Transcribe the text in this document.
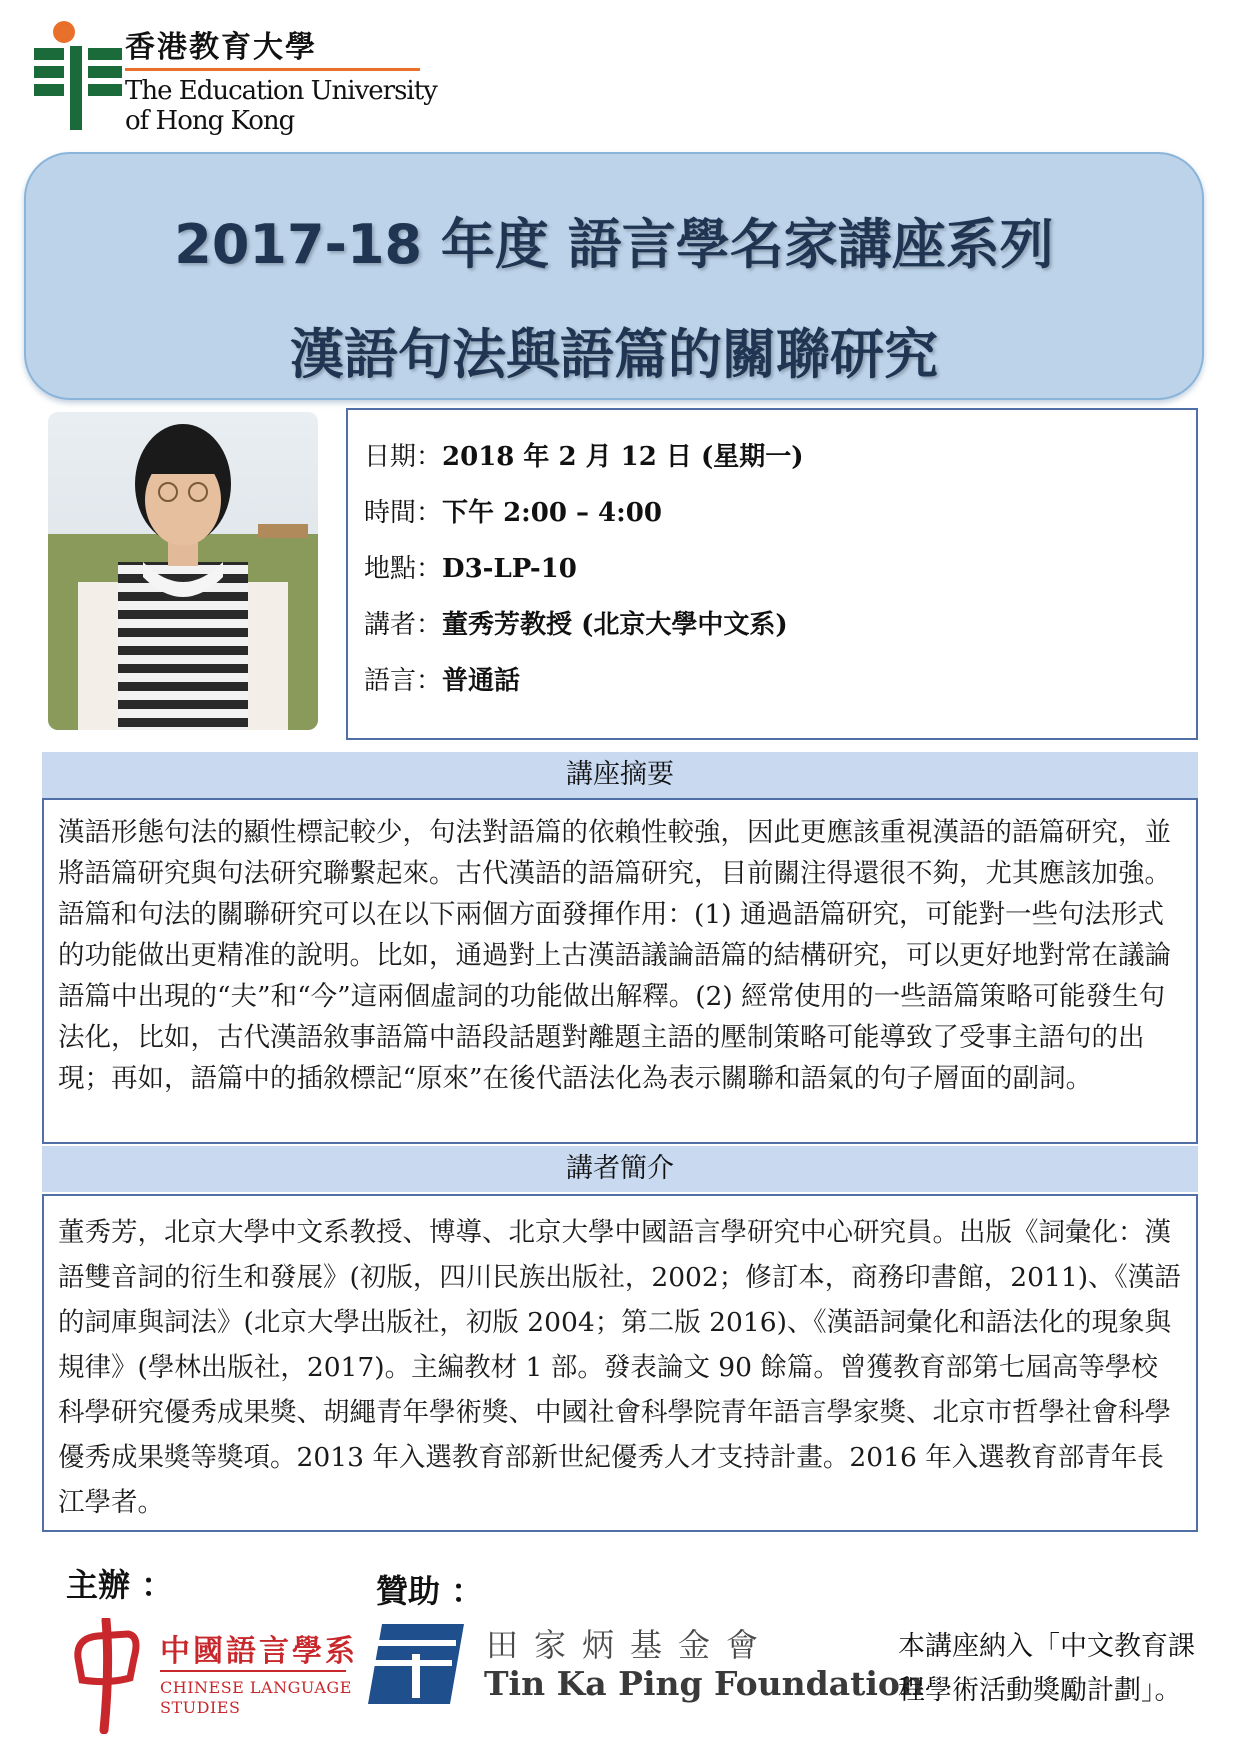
香港教育大學
The Education University
of Hong Kong
2017-18 年度 語言學名家講座系列
漢語句法與語篇的關聯研究
日期：2018 年 2 月 12 日 (星期一)
時間：下午 2:00 – 4:00
地點：D3-LP-10
講者：董秀芳教授 (北京大學中文系)
語言：普通話
講座摘要

漢語形態句法的顯性標記較少，句法對語篇的依賴性較強，因此更應該重視漢語的語篇研究，並將語篇研究與句法研究聯繫起來。古代漢語的語篇研究，目前關注得還很不夠，尤其應該加強。語篇和句法的關聯研究可以在以下兩個方面發揮作用：(1) 通過語篇研究，可能對一些句法形式的功能做出更精准的說明。比如，通過對上古漢語議論語篇的結構研究，可以更好地對常在議論語篇中出現的“夫”和“今”這兩個虛詞的功能做出解釋。(2) 經常使用的一些語篇策略可能發生句法化，比如，古代漢語敘事語篇中語段話題對離題主語的壓制策略可能導致了受事主語句的出現；再如，語篇中的插敘標記“原來”在後代語法化為表示關聯和語氣的句子層面的副詞。

講者簡介

董秀芳，北京大學中文系教授、博導、北京大學中國語言學研究中心研究員。出版《詞彙化：漢語雙音詞的衍生和發展》(初版，四川民族出版社，2002；修訂本，商務印書館，2011)、《漢語的詞庫與詞法》(北京大學出版社，初版 2004；第二版 2016)、《漢語詞彙化和語法化的現象與規律》(學林出版社，2017)。主編教材 1 部。發表論文 90 餘篇。曾獲教育部第七屆高等學校科學研究優秀成果獎、胡繩青年學術獎、中國社會科學院青年語言學家獎、北京市哲學社會科學優秀成果獎等獎項。2013 年入選教育部新世紀優秀人才支持計畫。2016 年入選教育部青年長江學者。

主辦 ：	贊助 ：
中國語言學系
CHINESE LANGUAGE
STUDIES
田家炳基金會
Tin Ka Ping Foundation
本講座納入「中文教育課
程學術活動獎勵計劃」。
